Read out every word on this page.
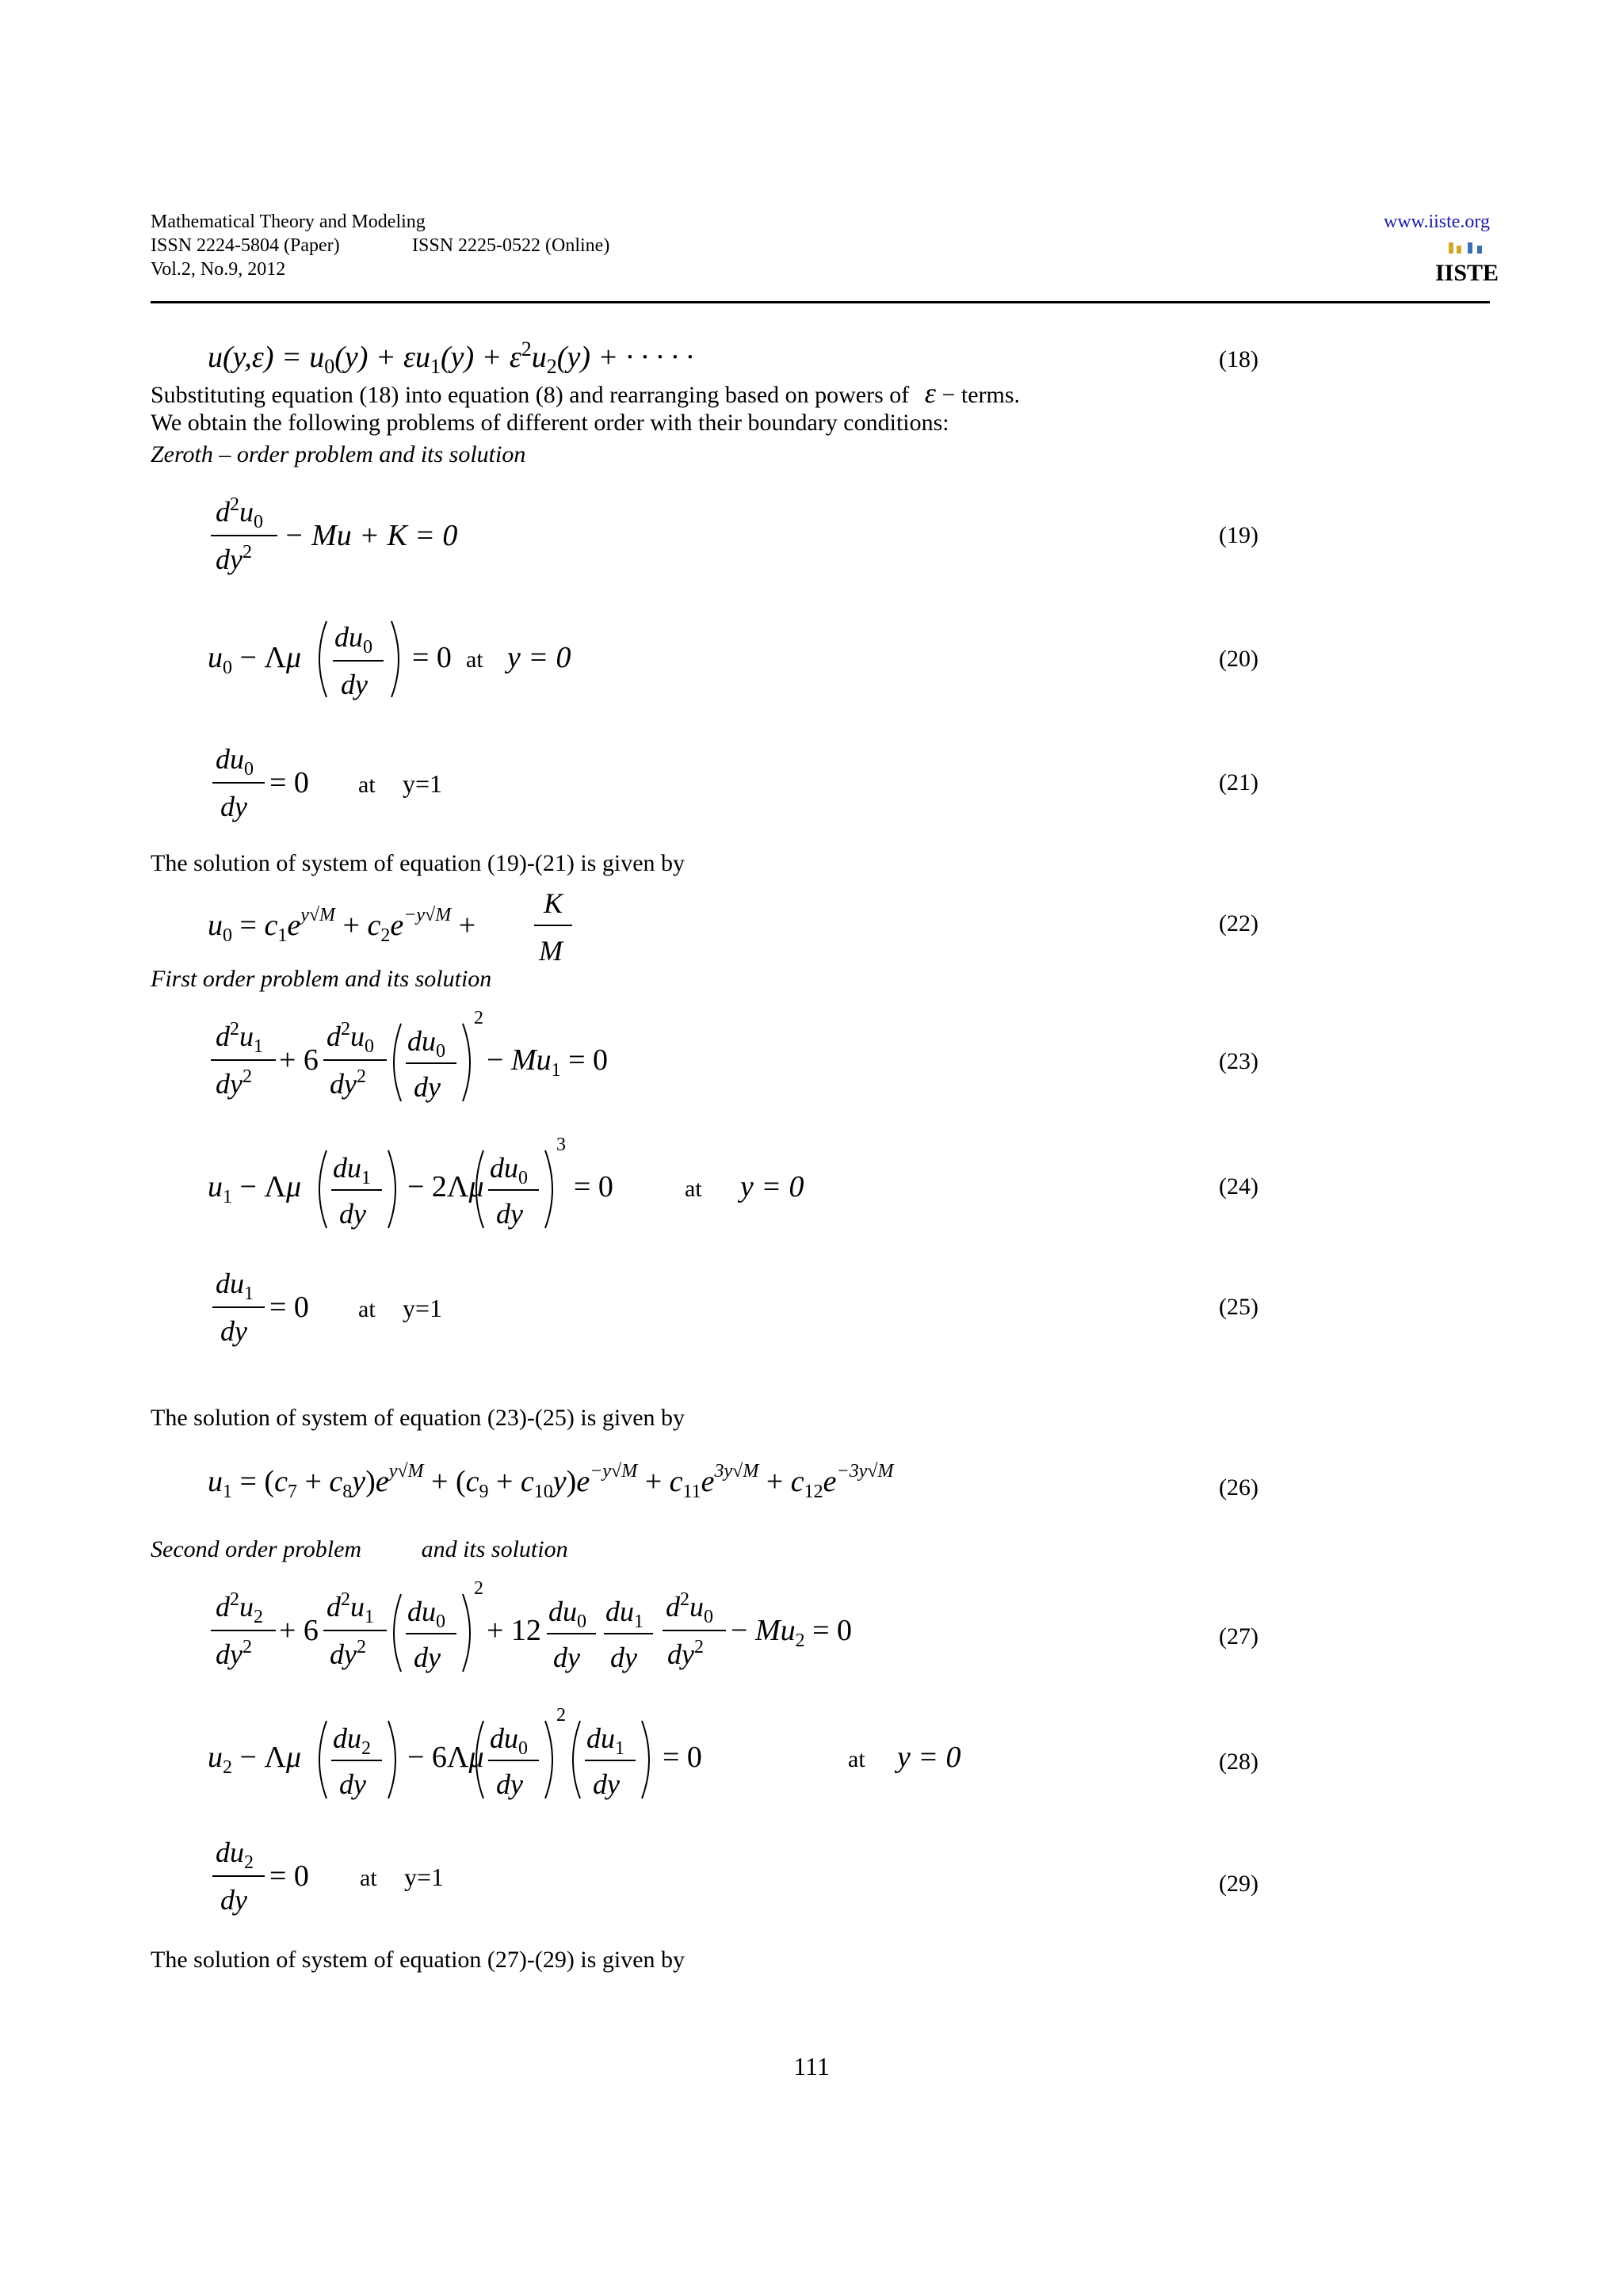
Mathematical Theory and Modeling
ISSN 2224-5804 (Paper)	ISSN 2225-0522 (Online)
Vol.2, No.9, 2012
www.iiste.org
IISTE
$u(y,\varepsilon) = u_0(y) + \varepsilon u_1(y) + \varepsilon^2u_2(y)$ + · · · · ·	(18)
Substituting equation (18) into equation (8) and rearranging based on powers of ε − terms.
We obtain the following problems of different order with their boundary conditions:
Zeroth – order problem and its solution
$d^2u_0$
$dy^2 - Mu + K = 0$	(19)
$u_0 - \Lambda\mu$
$du_0$
dy
= 0 at y = 0	(20)
$du_0$
dy
= 0 at y=1	(21)
The solution of system of equation (19)-(21) is given by
$u_0 = c_1e^{y√M} + c_2e^{-y√M}$ +
K
M
(22)
First order problem and its solution
$d^2u_1$
$dy^2 + 6$
$d^2u_0$
$dy^2$
$du_0$
dy
2
− $Mu_1 = 0$	(23)
$u_1 - \Lambda\mu$
$du_1$
dy
− 2Λμ
$du_0$
dy
3
= 0	at y = 0	(24)
$du_1$
dy
= 0 at y=1	(25)
The solution of system of equation (23)-(25) is given by
$u_1 = (c_7 + c_8y)e^{y√M} + (c_9 + c_{10}y)e^{-y√M} + c_{11}e^{3y√M} + c_{12}e^{-3y√M}$
(26)
Second order problem	and its solution
$d^2u_2$
$dy^2 + 6$
$d^2u_1$
$dy^2$
$du_0$
dy
2
+ 12
$du_0$
dy
$du_1$
dy
$d^2u_0$
$dy^2 - Mu_2 = 0$	(27)
$u_2 - \Lambda\mu$
$du_2$
dy
− 6Λμ
$du_0$
dy
2
$du_1$
dy
= 0	at y = 0	(28)
$du_2$
dy
= 0 at y=1	(29)
The solution of system of equation (27)-(29) is given by
111
